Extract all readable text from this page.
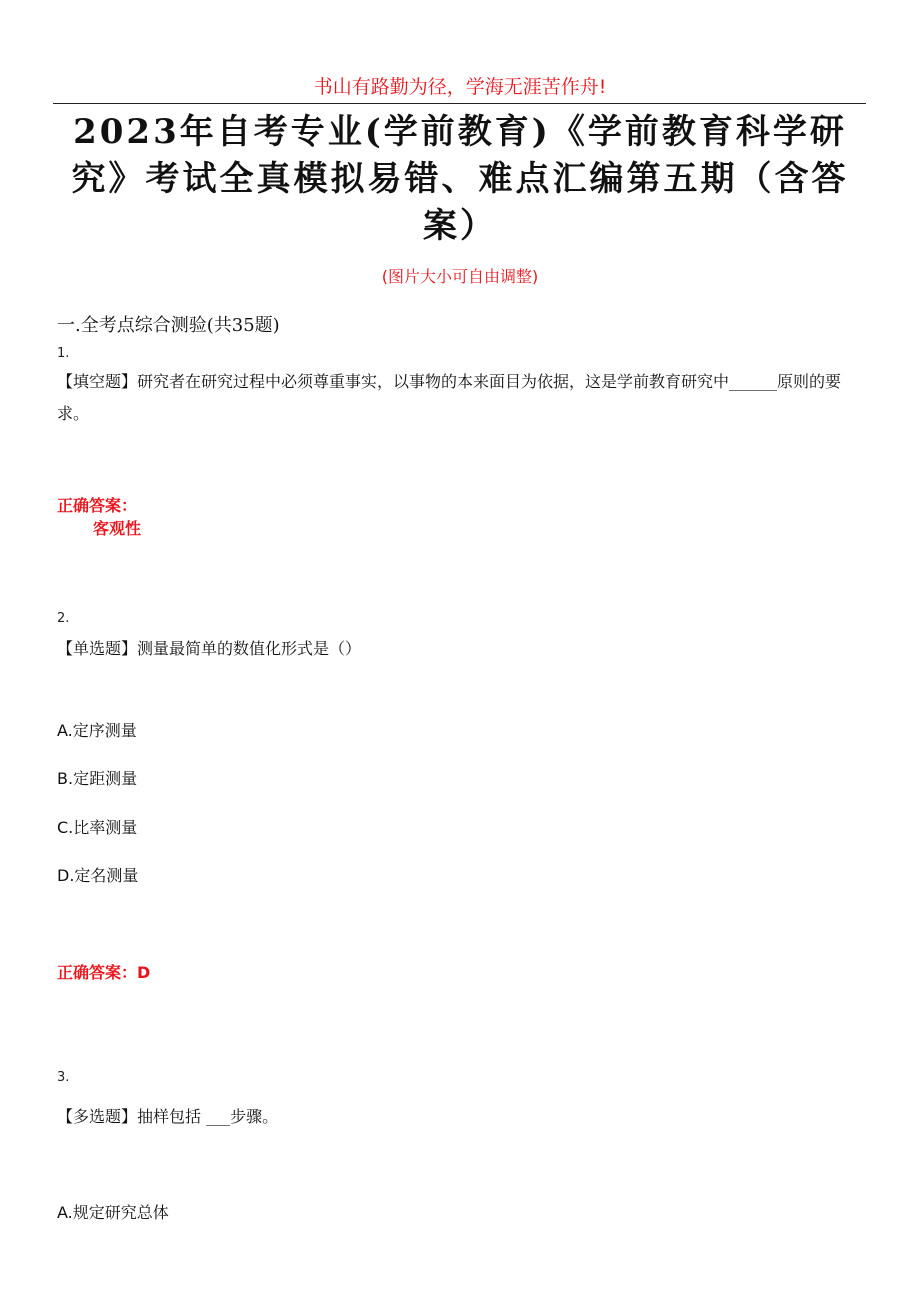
书山有路勤为径，学海无涯苦作舟!
2023年自考专业(学前教育)《学前教育科学研究》考试全真模拟易错、难点汇编第五期（含答案）
(图片大小可自由调整)
一.全考点综合测验(共35题)
1.
【填空题】研究者在研究过程中必须尊重事实，以事物的本来面目为依据，这是学前教育研究中______原则的要求。
正确答案：
客观性
2.
【单选题】测量最简单的数值化形式是（）
A.定序测量
B.定距测量
C.比率测量
D.定名测量
正确答案：D
3.
【多选题】抽样包括 ___步骤。
A.规定研究总体
